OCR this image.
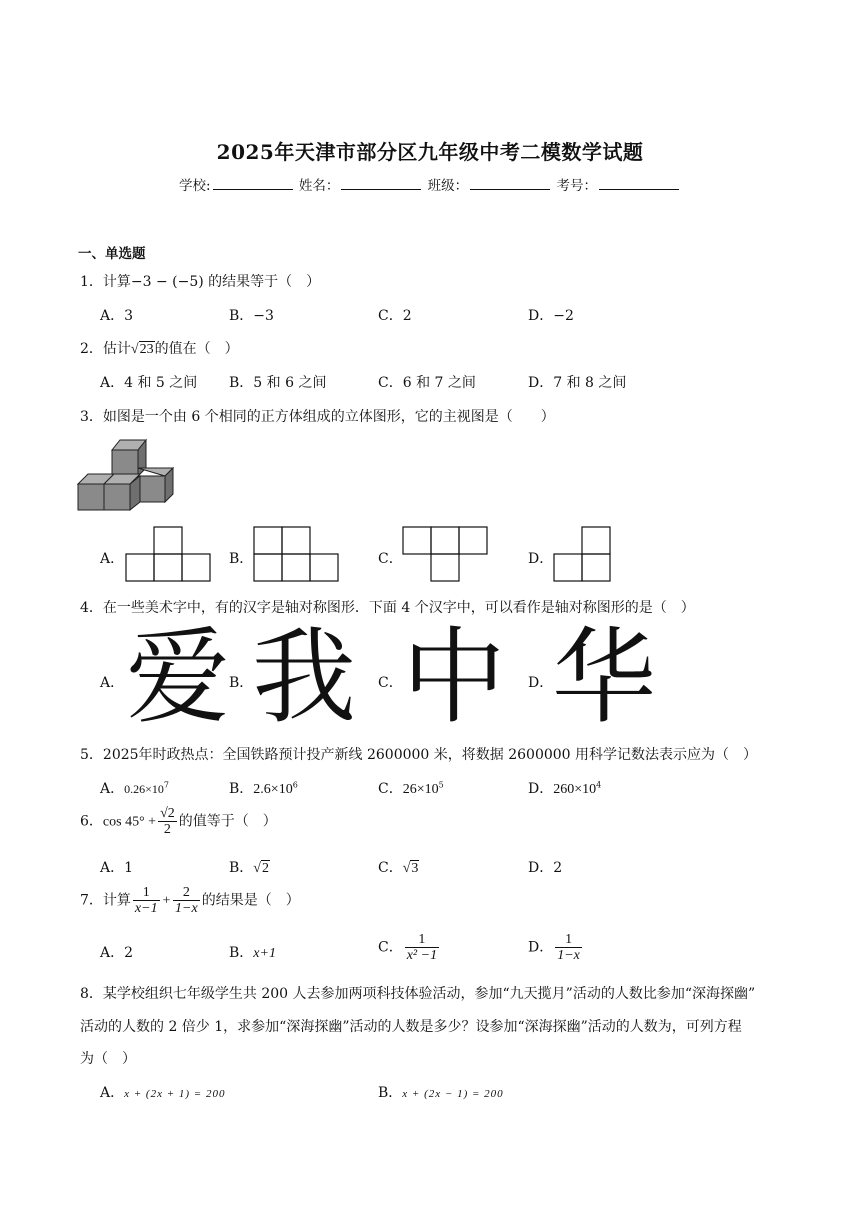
2025年天津市部分区九年级中考二模数学试题
学校:	姓名：	班级：	考号：
一、单选题
1．计算−3 − (−5) 的结果等于（　）
A．3	B．−3	C．2	D．−2
2．估计√23的值在（　）
A．4 和 5 之间 B．5 和 6 之间	C．6 和 7 之间	D．7 和 8 之间
3．如图是一个由 6 个相同的正方体组成的立体图形，它的主视图是（　　）
A．	B．	C．	D．
4．在一些美术字中，有的汉字是轴对称图形．下面 4 个汉字中，可以看作是轴对称图形的是（　）
A． 爱
B．
我 C． 中 D．
华
5．2025年时政热点：全国铁路预计投产新线 2600000 米，将数据 2600000 用科学记数法表示应为（　）
A．$0.26\times 10^7$	B．$2.6\times 10^6$	C．$26\times 10^5$	D．$260\times 10^4$
6．$\cos 45^\circ + \frac{√2}{2}$ 的值等于（　）
A．1	B．√2	C．√3	D．2
7．计算 $\frac{1}{x-1} + \frac{2}{1-x}$ 的结果是（　）
A．2	B．x+1	C． $\frac{1}{\text{x² −1}}$	D． $\frac{1}{1-x}$
8．某学校组织七年级学生共 200 人去参加两项科技体验活动，参加“九天揽月”活动的人数比参加“深海探幽”
活动的人数的 2 倍少 1，求参加“深海探幽”活动的人数是多少？设参加“深海探幽”活动的人数为，可列方程
为（　）
A．x + (2x + 1) = 200	B．x + (2x − 1) = 200
